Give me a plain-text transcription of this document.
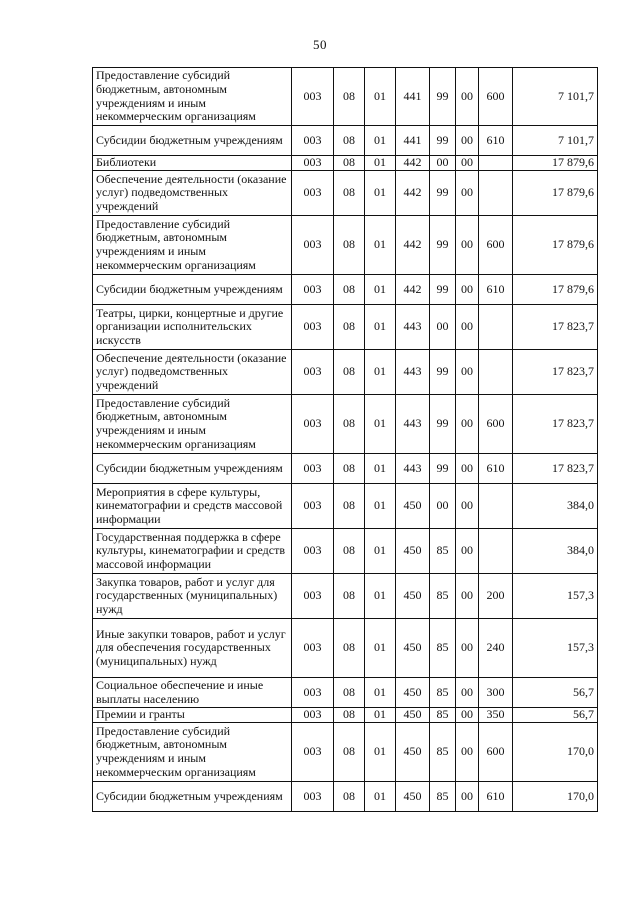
50
Предоставление субсидий бюджетным, автономным учреждениям и иным некоммерческим организациям	003	08	01	441	99	00	600	7 101,7
Субсидии бюджетным учреждениям	003	08	01	441	99	00	610	7 101,7
Библиотеки	003	08	01	442	00	00		17 879,6
Обеспечение деятельности (оказание услуг) подведомственных учреждений	003	08	01	442	99	00		17 879,6
Предоставление субсидий бюджетным, автономным учреждениям и иным некоммерческим организациям	003	08	01	442	99	00	600	17 879,6
Субсидии бюджетным учреждениям	003	08	01	442	99	00	610	17 879,6
Театры, цирки, концертные и другие организации исполнительских искусств	003	08	01	443	00	00		17 823,7
Обеспечение деятельности (оказание услуг) подведомственных учреждений	003	08	01	443	99	00		17 823,7
Предоставление субсидий бюджетным, автономным учреждениям и иным некоммерческим организациям	003	08	01	443	99	00	600	17 823,7
Субсидии бюджетным учреждениям	003	08	01	443	99	00	610	17 823,7
Мероприятия в сфере культуры, кинематографии и средств массовой информации	003	08	01	450	00	00		384,0
Государственная поддержка в сфере культуры, кинематографии и средств массовой информации	003	08	01	450	85	00		384,0
Закупка товаров, работ и услуг для государственных (муниципальных) нужд	003	08	01	450	85	00	200	157,3
Иные закупки товаров, работ и услуг для обеспечения государственных (муниципальных) нужд	003	08	01	450	85	00	240	157,3
Социальное обеспечение и иные выплаты населению	003	08	01	450	85	00	300	56,7
Премии и гранты	003	08	01	450	85	00	350	56,7
Предоставление субсидий бюджетным, автономным учреждениям и иным некоммерческим организациям	003	08	01	450	85	00	600	170,0
Субсидии бюджетным учреждениям	003	08	01	450	85	00	610	170,0
